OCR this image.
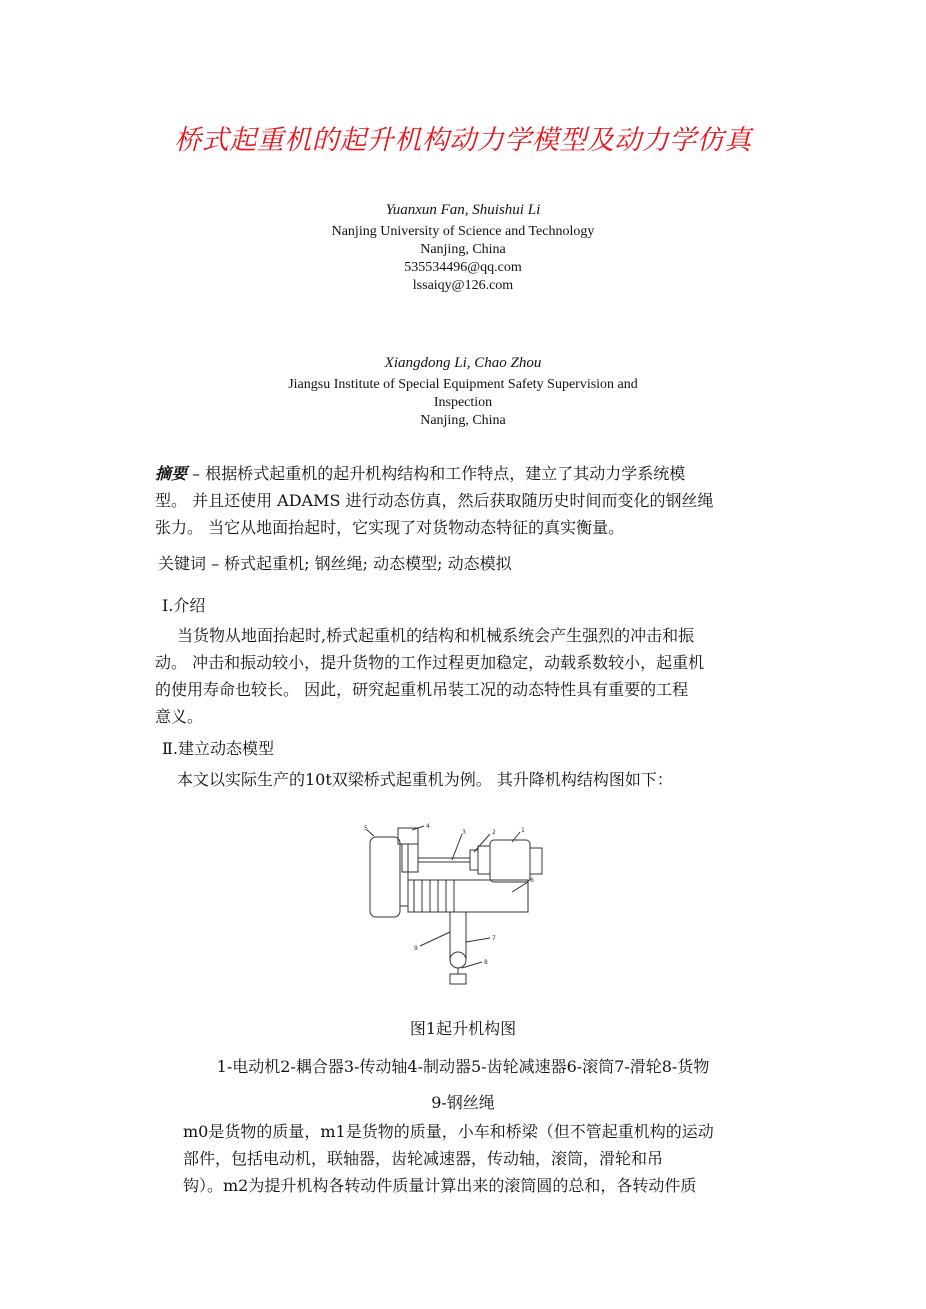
桥式起重机的起升机构动力学模型及动力学仿真
Yuanxun Fan, Shuishui Li
Nanjing University of Science and Technology
Nanjing, China
535534496@qq.com
lssaiqy@126.com
Xiangdong Li, Chao Zhou
Jiangsu Institute of Special Equipment Safety Supervision and
Inspection
Nanjing, China
摘要 – 根据桥式起重机的起升机构结构和工作特点，建立了其动力学系统模
型。 并且还使用 ADAMS 进行动态仿真，然后获取随历史时间而变化的钢丝绳
张力。 当它从地面抬起时，它实现了对货物动态特征的真实衡量。
关键词 – 桥式起重机; 钢丝绳; 动态模型; 动态模拟
Ⅰ.介绍
当货物从地面抬起时,桥式起重机的结构和机械系统会产生强烈的冲击和振
动。 冲击和振动较小，提升货物的工作过程更加稳定，动载系数较小，起重机
的使用寿命也较长。 因此，研究起重机吊装工况的动态特性具有重要的工程
意义。
Ⅱ.建立动态模型
本文以实际生产的10t双梁桥式起重机为例。 其升降机构结构图如下：
5	4
3	2	1
6
9
7
8
图1起升机构图
1-电动机2-耦合器3-传动轴4-制动器5-齿轮减速器6-滚筒7-滑轮8-货物
9-钢丝绳
m0是货物的质量，m1是货物的质量，小车和桥梁（但不管起重机构的运动
部件，包括电动机，联轴器，齿轮减速器，传动轴，滚筒，滑轮和吊
钩）。m2为提升机构各转动件质量计算出来的滚筒圆的总和，各转动件质
